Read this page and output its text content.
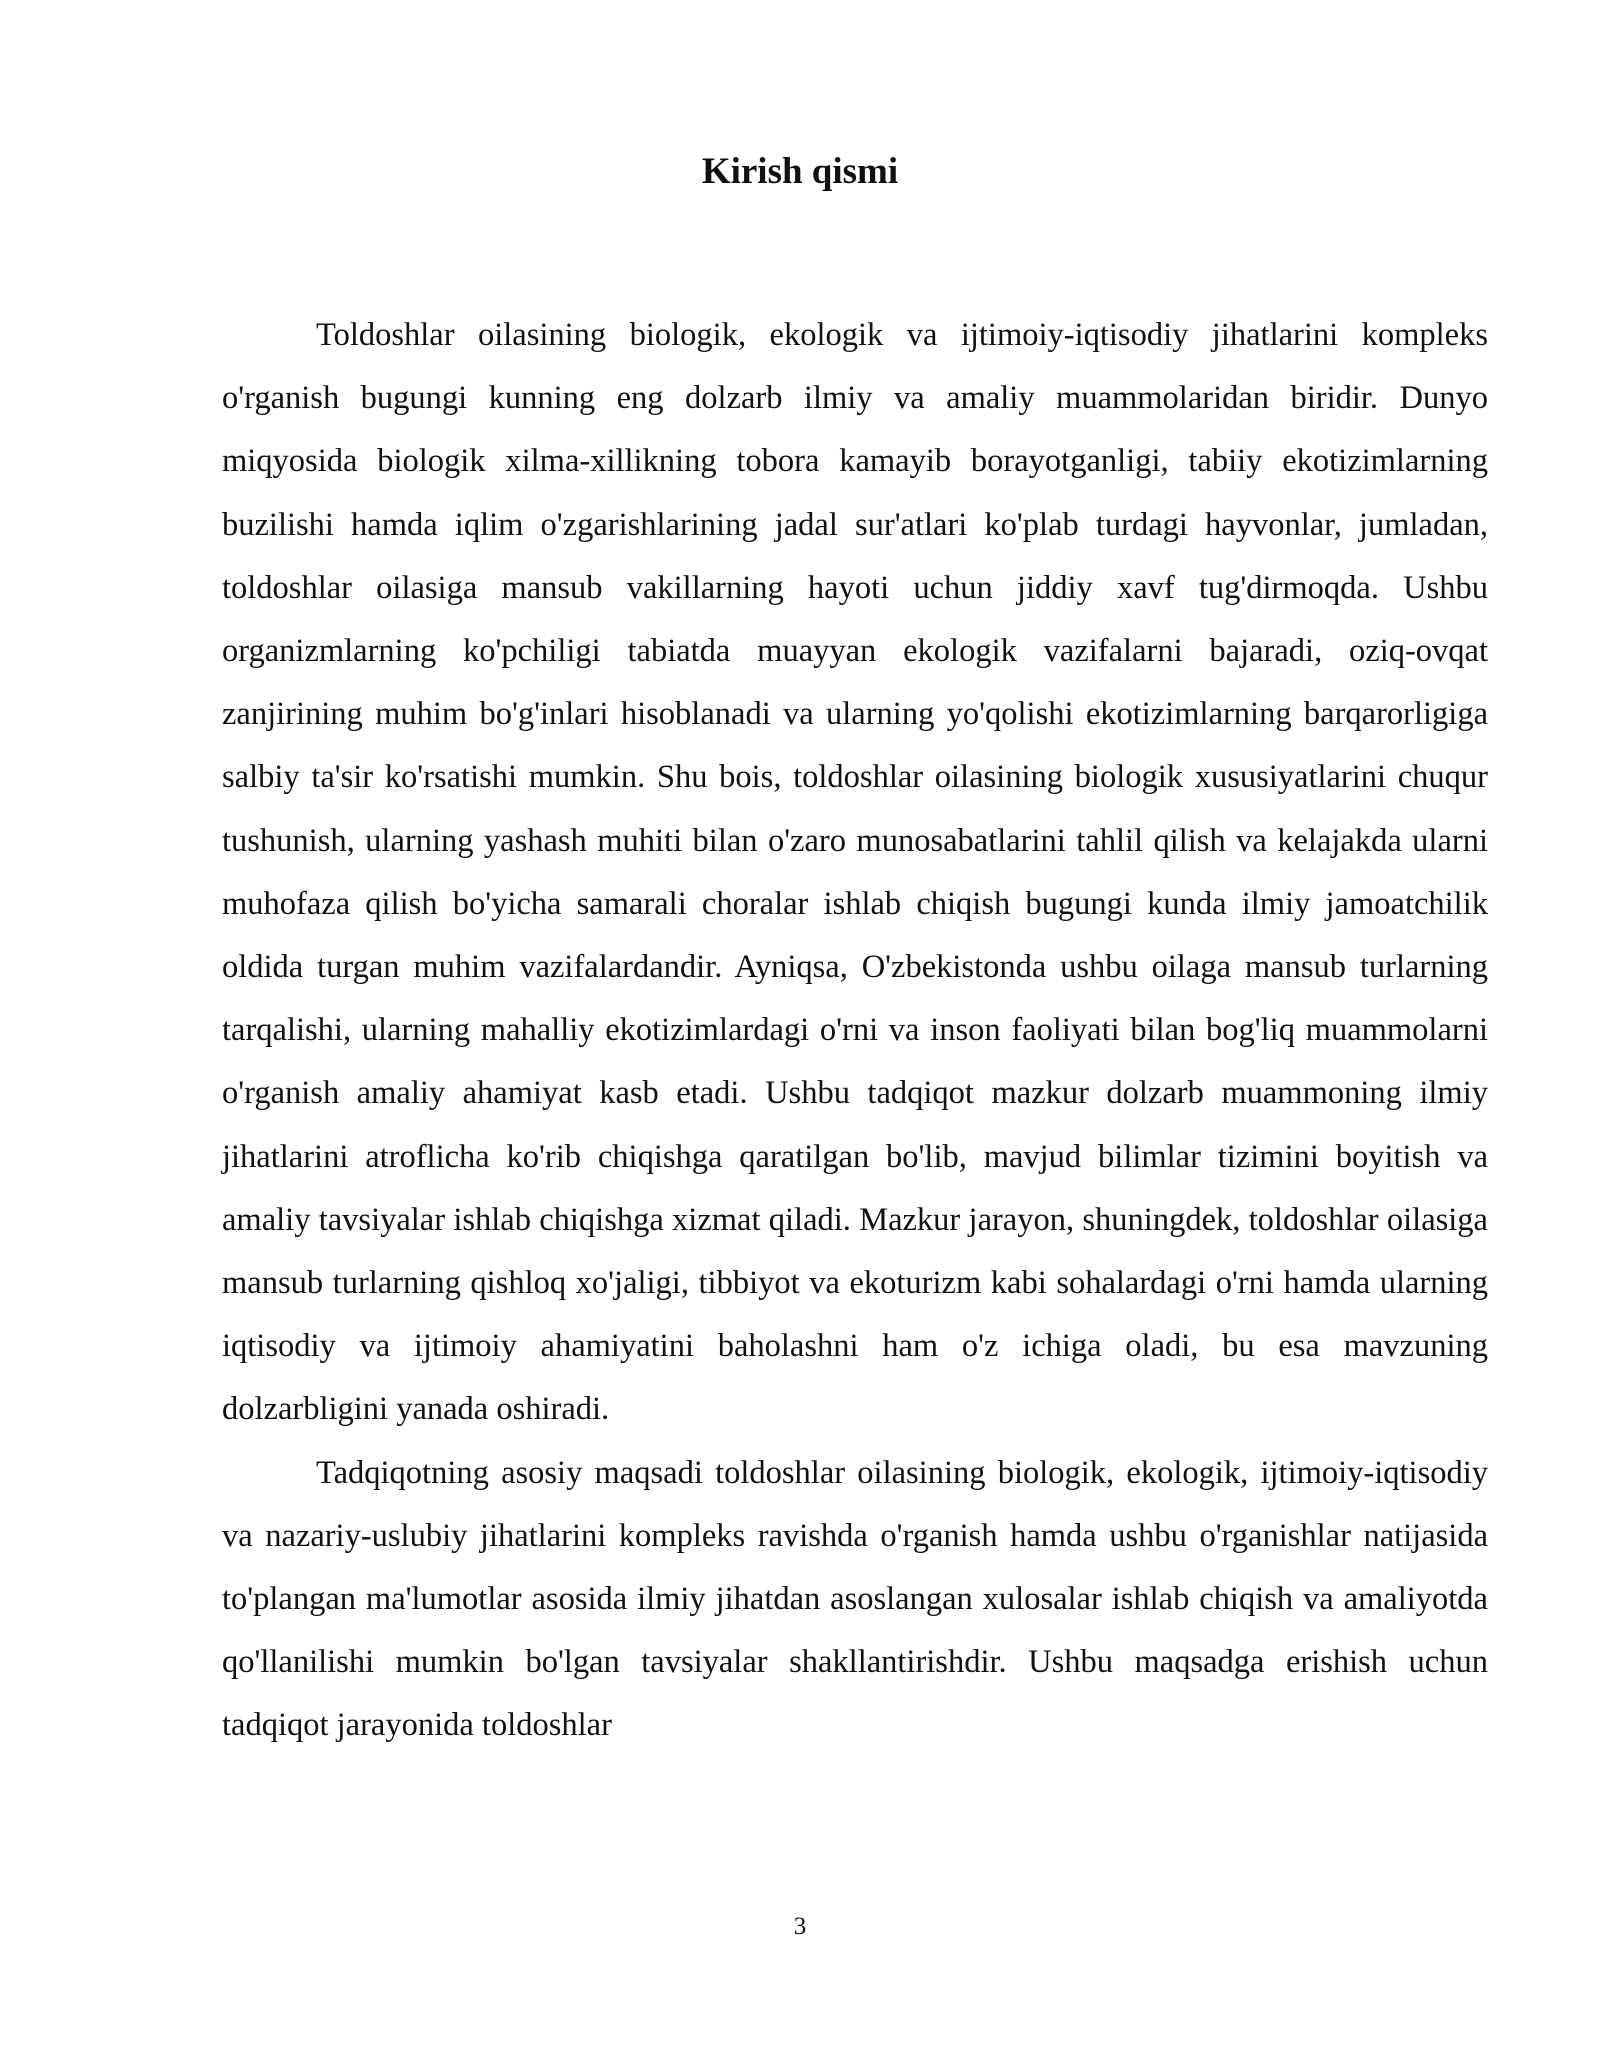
Kirish qismi

Toldoshlar oilasining biologik, ekologik va ijtimoiy-iqtisodiy jihatlarini kompleks o'rganish bugungi kunning eng dolzarb ilmiy va amaliy muammolaridan biridir. Dunyo miqyosida biologik xilma-xillikning tobora kamayib borayotganligi, tabiiy ekotizimlarning buzilishi hamda iqlim o'zgarishlarining jadal sur'atlari ko'plab turdagi hayvonlar, jumladan, toldoshlar oilasiga mansub vakillarning hayoti uchun jiddiy xavf tug'dirmoqda. Ushbu organizmlarning ko'pchiligi tabiatda muayyan ekologik vazifalarni bajaradi, oziq-ovqat zanjirining muhim bo'g'inlari hisoblanadi va ularning yo'qolishi ekotizimlarning barqarorligiga salbiy ta'sir ko'rsatishi mumkin. Shu bois, toldoshlar oilasining biologik xususiyatlarini chuqur tushunish, ularning yashash muhiti bilan o'zaro munosabatlarini tahlil qilish va kelajakda ularni muhofaza qilish bo'yicha samarali choralar ishlab chiqish bugungi kunda ilmiy jamoatchilik oldida turgan muhim vazifalardandir. Ayniqsa, O'zbekistonda ushbu oilaga mansub turlarning tarqalishi, ularning mahalliy ekotizimlardagi o'rni va inson faoliyati bilan bog'liq muammolarni o'rganish amaliy ahamiyat kasb etadi. Ushbu tadqiqot mazkur dolzarb muammoning ilmiy jihatlarini atroflicha ko'rib chiqishga qaratilgan bo'lib, mavjud bilimlar tizimini boyitish va amaliy tavsiyalar ishlab chiqishga xizmat qiladi. Mazkur jarayon, shuningdek, toldoshlar oilasiga mansub turlarning qishloq xo'jaligi, tibbiyot va ekoturizm kabi sohalardagi o'rni hamda ularning iqtisodiy va ijtimoiy ahamiyatini baholashni ham o'z ichiga oladi, bu esa mavzuning dolzarbligini yanada oshiradi.

Tadqiqotning asosiy maqsadi toldoshlar oilasining biologik, ekologik, ijtimoiy-iqtisodiy va nazariy-uslubiy jihatlarini kompleks ravishda o'rganish hamda ushbu o'rganishlar natijasida to'plangan ma'lumotlar asosida ilmiy jihatdan asoslangan xulosalar ishlab chiqish va amaliyotda qo'llanilishi mumkin bo'lgan tavsiyalar shakllantirishdir. Ushbu maqsadga erishish uchun tadqiqot jarayonida toldoshlar

3
